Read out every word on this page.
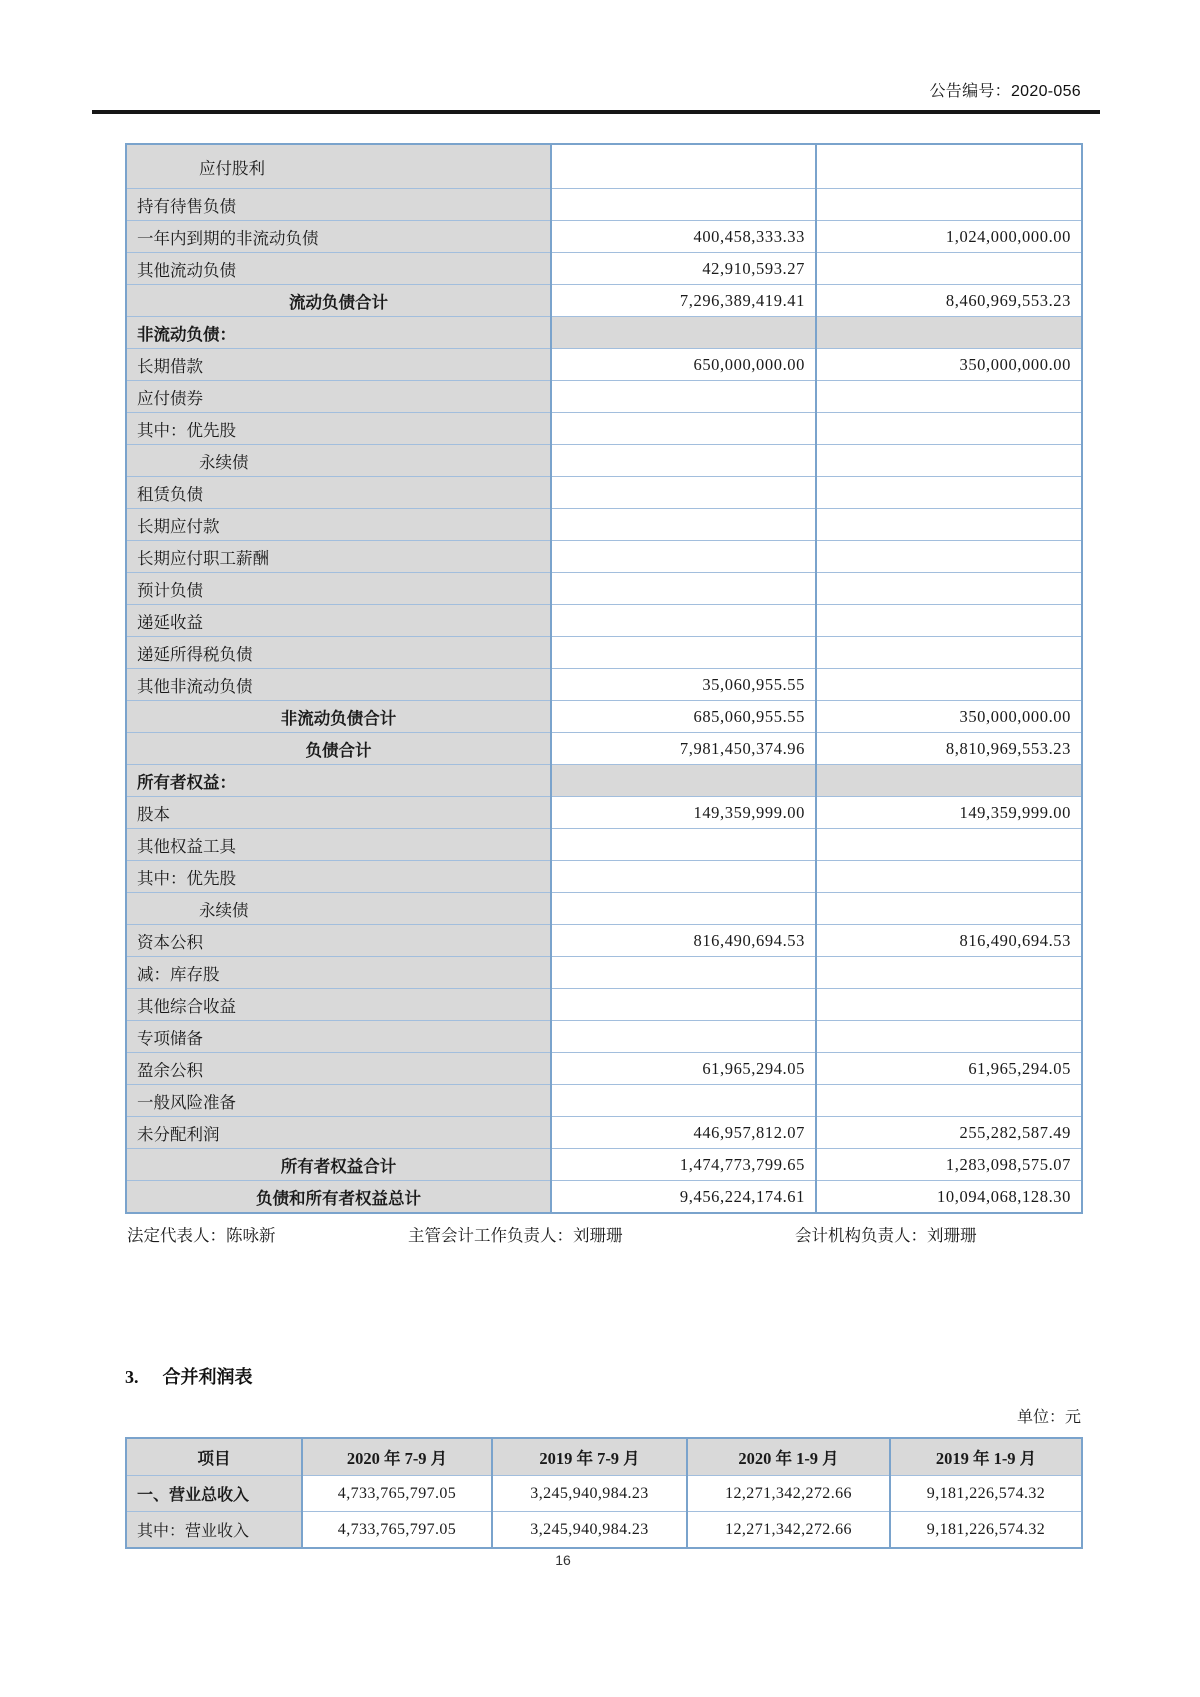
公告编号：2020-056
应付股利		
持有待售负债		
一年内到期的非流动负债	400,458,333.33	1,024,000,000.00
其他流动负债	42,910,593.27	
流动负债合计	7,296,389,419.41	8,460,969,553.23
非流动负债：		
长期借款	650,000,000.00	350,000,000.00
应付债券		
其中：优先股		
永续债		
租赁负债		
长期应付款		
长期应付职工薪酬		
预计负债		
递延收益		
递延所得税负债		
其他非流动负债	35,060,955.55	
非流动负债合计	685,060,955.55	350,000,000.00
负债合计	7,981,450,374.96	8,810,969,553.23
所有者权益：		
股本	149,359,999.00	149,359,999.00
其他权益工具		
其中：优先股		
永续债		
资本公积	816,490,694.53	816,490,694.53
减：库存股		
其他综合收益		
专项储备		
盈余公积	61,965,294.05	61,965,294.05
一般风险准备		
未分配利润	446,957,812.07	255,282,587.49
所有者权益合计	1,474,773,799.65	1,283,098,575.07
负债和所有者权益总计	9,456,224,174.61	10,094,068,128.30
法定代表人：陈咏新	主管会计工作负责人：刘珊珊	会计机构负责人：刘珊珊
3. 合并利润表
单位：元
项目	2020 年 7-9 月	2019 年 7-9 月	2020 年 1-9 月	2019 年 1-9 月
一、营业总收入	4,733,765,797.05	3,245,940,984.23	12,271,342,272.66	9,181,226,574.32
其中：营业收入	4,733,765,797.05	3,245,940,984.23	12,271,342,272.66	9,181,226,574.32
16
